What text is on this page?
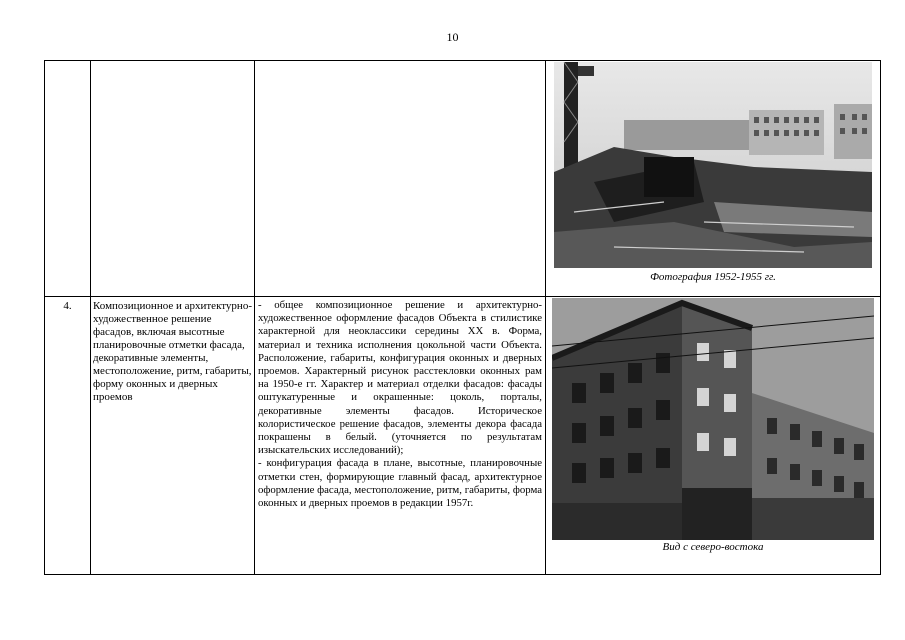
10

			Фотография 1952-1955 гг.

4.	Композиционное и архитектурно-художественное решение фасадов, включая высотные планировочные отметки фасада, декоративные элементы, местоположение, ритм, габариты, форму оконных и дверных проемов	- общее композиционное решение и архитектурно-художественное оформление фасадов Объекта в стилистике характерной для неоклассики середины XX в. Форма, материал и техника исполнения цокольной части Объекта. Расположение, габариты, конфигурация оконных и дверных проемов. Характерный рисунок расстекловки оконных рам на 1950-е гг. Характер и материал отделки фасадов: фасады оштукатуренные и окрашенные: цоколь, порталы, декоративные элементы фасадов. Историческое колористическое решение фасадов, элементы декора фасада покрашены в белый. (уточняется по результатам изыскательских исследований);

- конфигурация фасада в плане, высотные, планировочные отметки стен, формирующие главный фасад, архитектурное оформление фасада, местоположение, ритм, габариты, форма оконных и дверных проемов в редакции 1957г.	Вид с северо-востока
